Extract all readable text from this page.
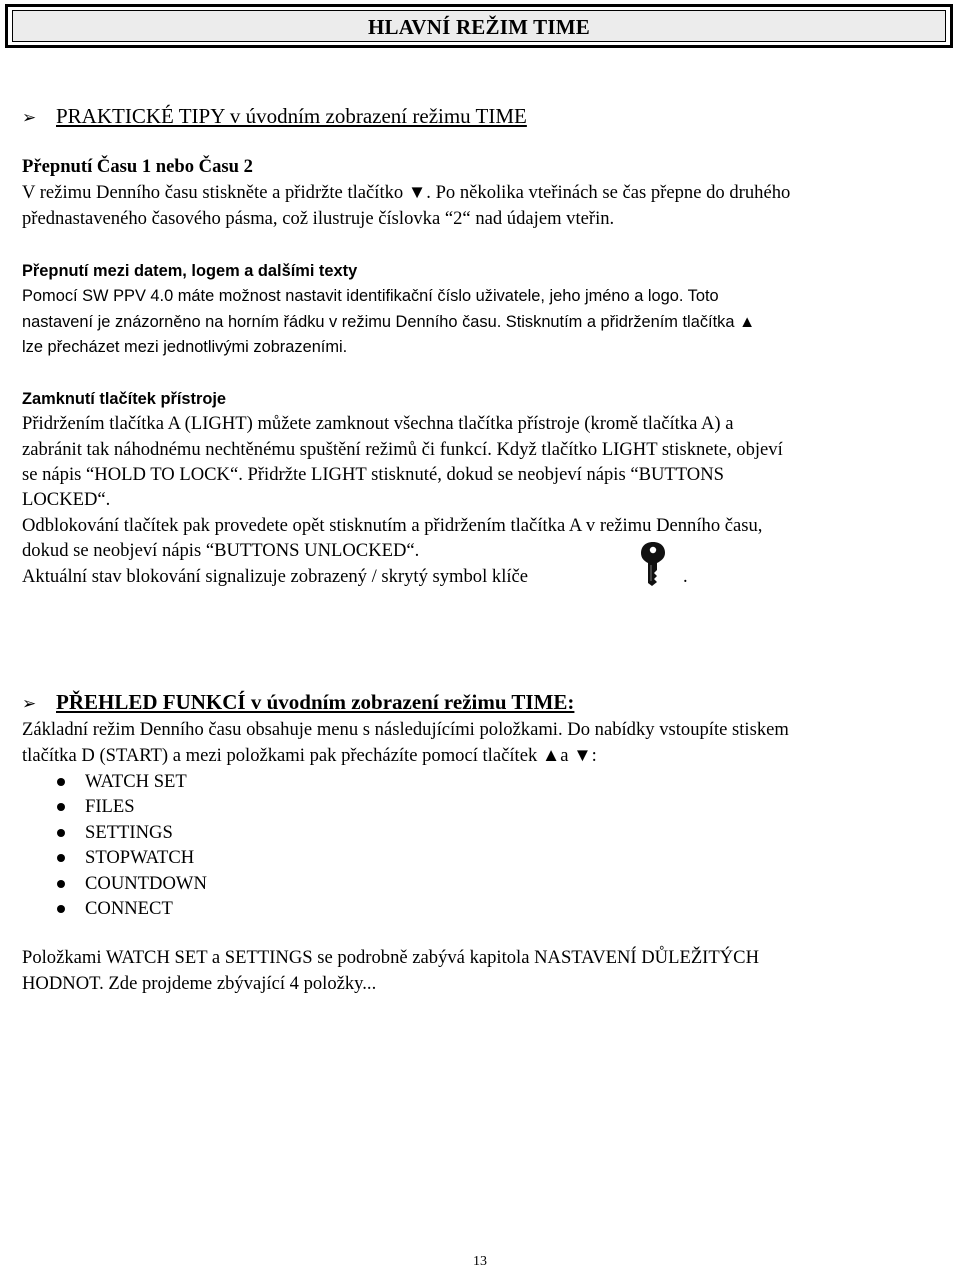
HLAVNÍ REŽIM TIME
➢ PRAKTICKÉ TIPY v úvodním zobrazení režimu TIME
Přepnutí Času 1 nebo Času 2
V režimu Denního času stiskněte a přidržte tlačítko ▼. Po několika vteřinách se čas přepne do druhého
přednastaveného časového pásma, což ilustruje číslovka “2“ nad údajem vteřin.
Přepnutí mezi datem, logem a dalšími texty
Pomocí SW PPV 4.0 máte možnost nastavit identifikační číslo uživatele, jeho jméno a logo. Toto
nastavení je znázorněno na horním řádku v režimu Denního času. Stisknutím a přidržením tlačítka ▲
lze přecházet mezi jednotlivými zobrazeními.
Zamknutí tlačítek přístroje
Přidržením tlačítka A (LIGHT) můžete zamknout všechna tlačítka přístroje (kromě tlačítka A) a
zabránit tak náhodnému nechtěnému spuštění režimů či funkcí. Když tlačítko LIGHT stisknete, objeví
se nápis “HOLD TO LOCK“. Přidržte LIGHT stisknuté, dokud se neobjeví nápis “BUTTONS
LOCKED“.
Odblokování tlačítek pak provedete opět stisknutím a přidržením tlačítka A v režimu Denního času,
dokud se neobjeví nápis “BUTTONS UNLOCKED“.
Aktuální stav blokování signalizuje zobrazený / skrytý symbol klíče	.
➢ PŘEHLED FUNKCÍ v úvodním zobrazení režimu TIME:
Základní režim Denního času obsahuje menu s následujícími položkami. Do nabídky vstoupíte stiskem
tlačítka D (START) a mezi položkami pak přecházíte pomocí tlačítek ▲a ▼:
WATCH SET
FILES
SETTINGS
STOPWATCH
COUNTDOWN
CONNECT
Položkami WATCH SET a SETTINGS se podrobně zabývá kapitola NASTAVENÍ DŮLEŽITÝCH
HODNOT. Zde projdeme zbývající 4 položky...
13
